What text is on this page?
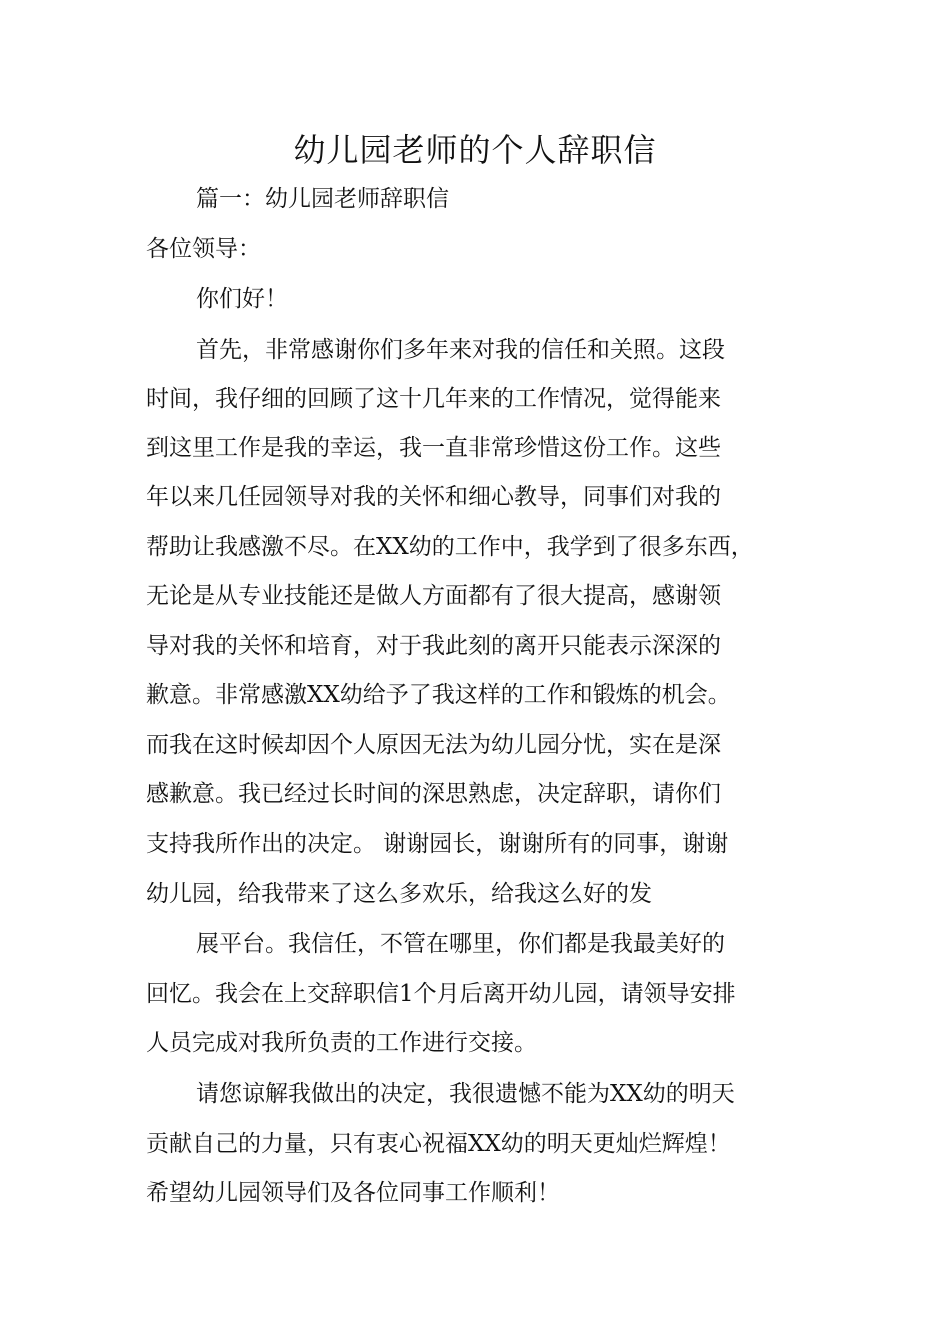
幼儿园老师的个人辞职信
篇一：幼儿园老师辞职信
各位领导：
你们好！
首先，非常感谢你们多年来对我的信任和关照。这段
时间，我仔细的回顾了这十几年来的工作情况，觉得能来
到这里工作是我的幸运，我一直非常珍惜这份工作。这些
年以来几任园领导对我的关怀和细心教导，同事们对我的
帮助让我感激不尽。在XX幼的工作中，我学到了很多东西，
无论是从专业技能还是做人方面都有了很大提高，感谢领
导对我的关怀和培育，对于我此刻的离开只能表示深深的
歉意。非常感激XX幼给予了我这样的工作和锻炼的机会。
而我在这时候却因个人原因无法为幼儿园分忧，实在是深
感歉意。我已经过长时间的深思熟虑，决定辞职，请你们
支持我所作出的决定。 谢谢园长，谢谢所有的同事，谢谢
幼儿园，给我带来了这么多欢乐，给我这么好的发
展平台。我信任，不管在哪里，你们都是我最美好的
回忆。我会在上交辞职信1个月后离开幼儿园，请领导安排
人员完成对我所负责的工作进行交接。
请您谅解我做出的决定，我很遗憾不能为XX幼的明天
贡献自己的力量，只有衷心祝福XX幼的明天更灿烂辉煌！
希望幼儿园领导们及各位同事工作顺利！
